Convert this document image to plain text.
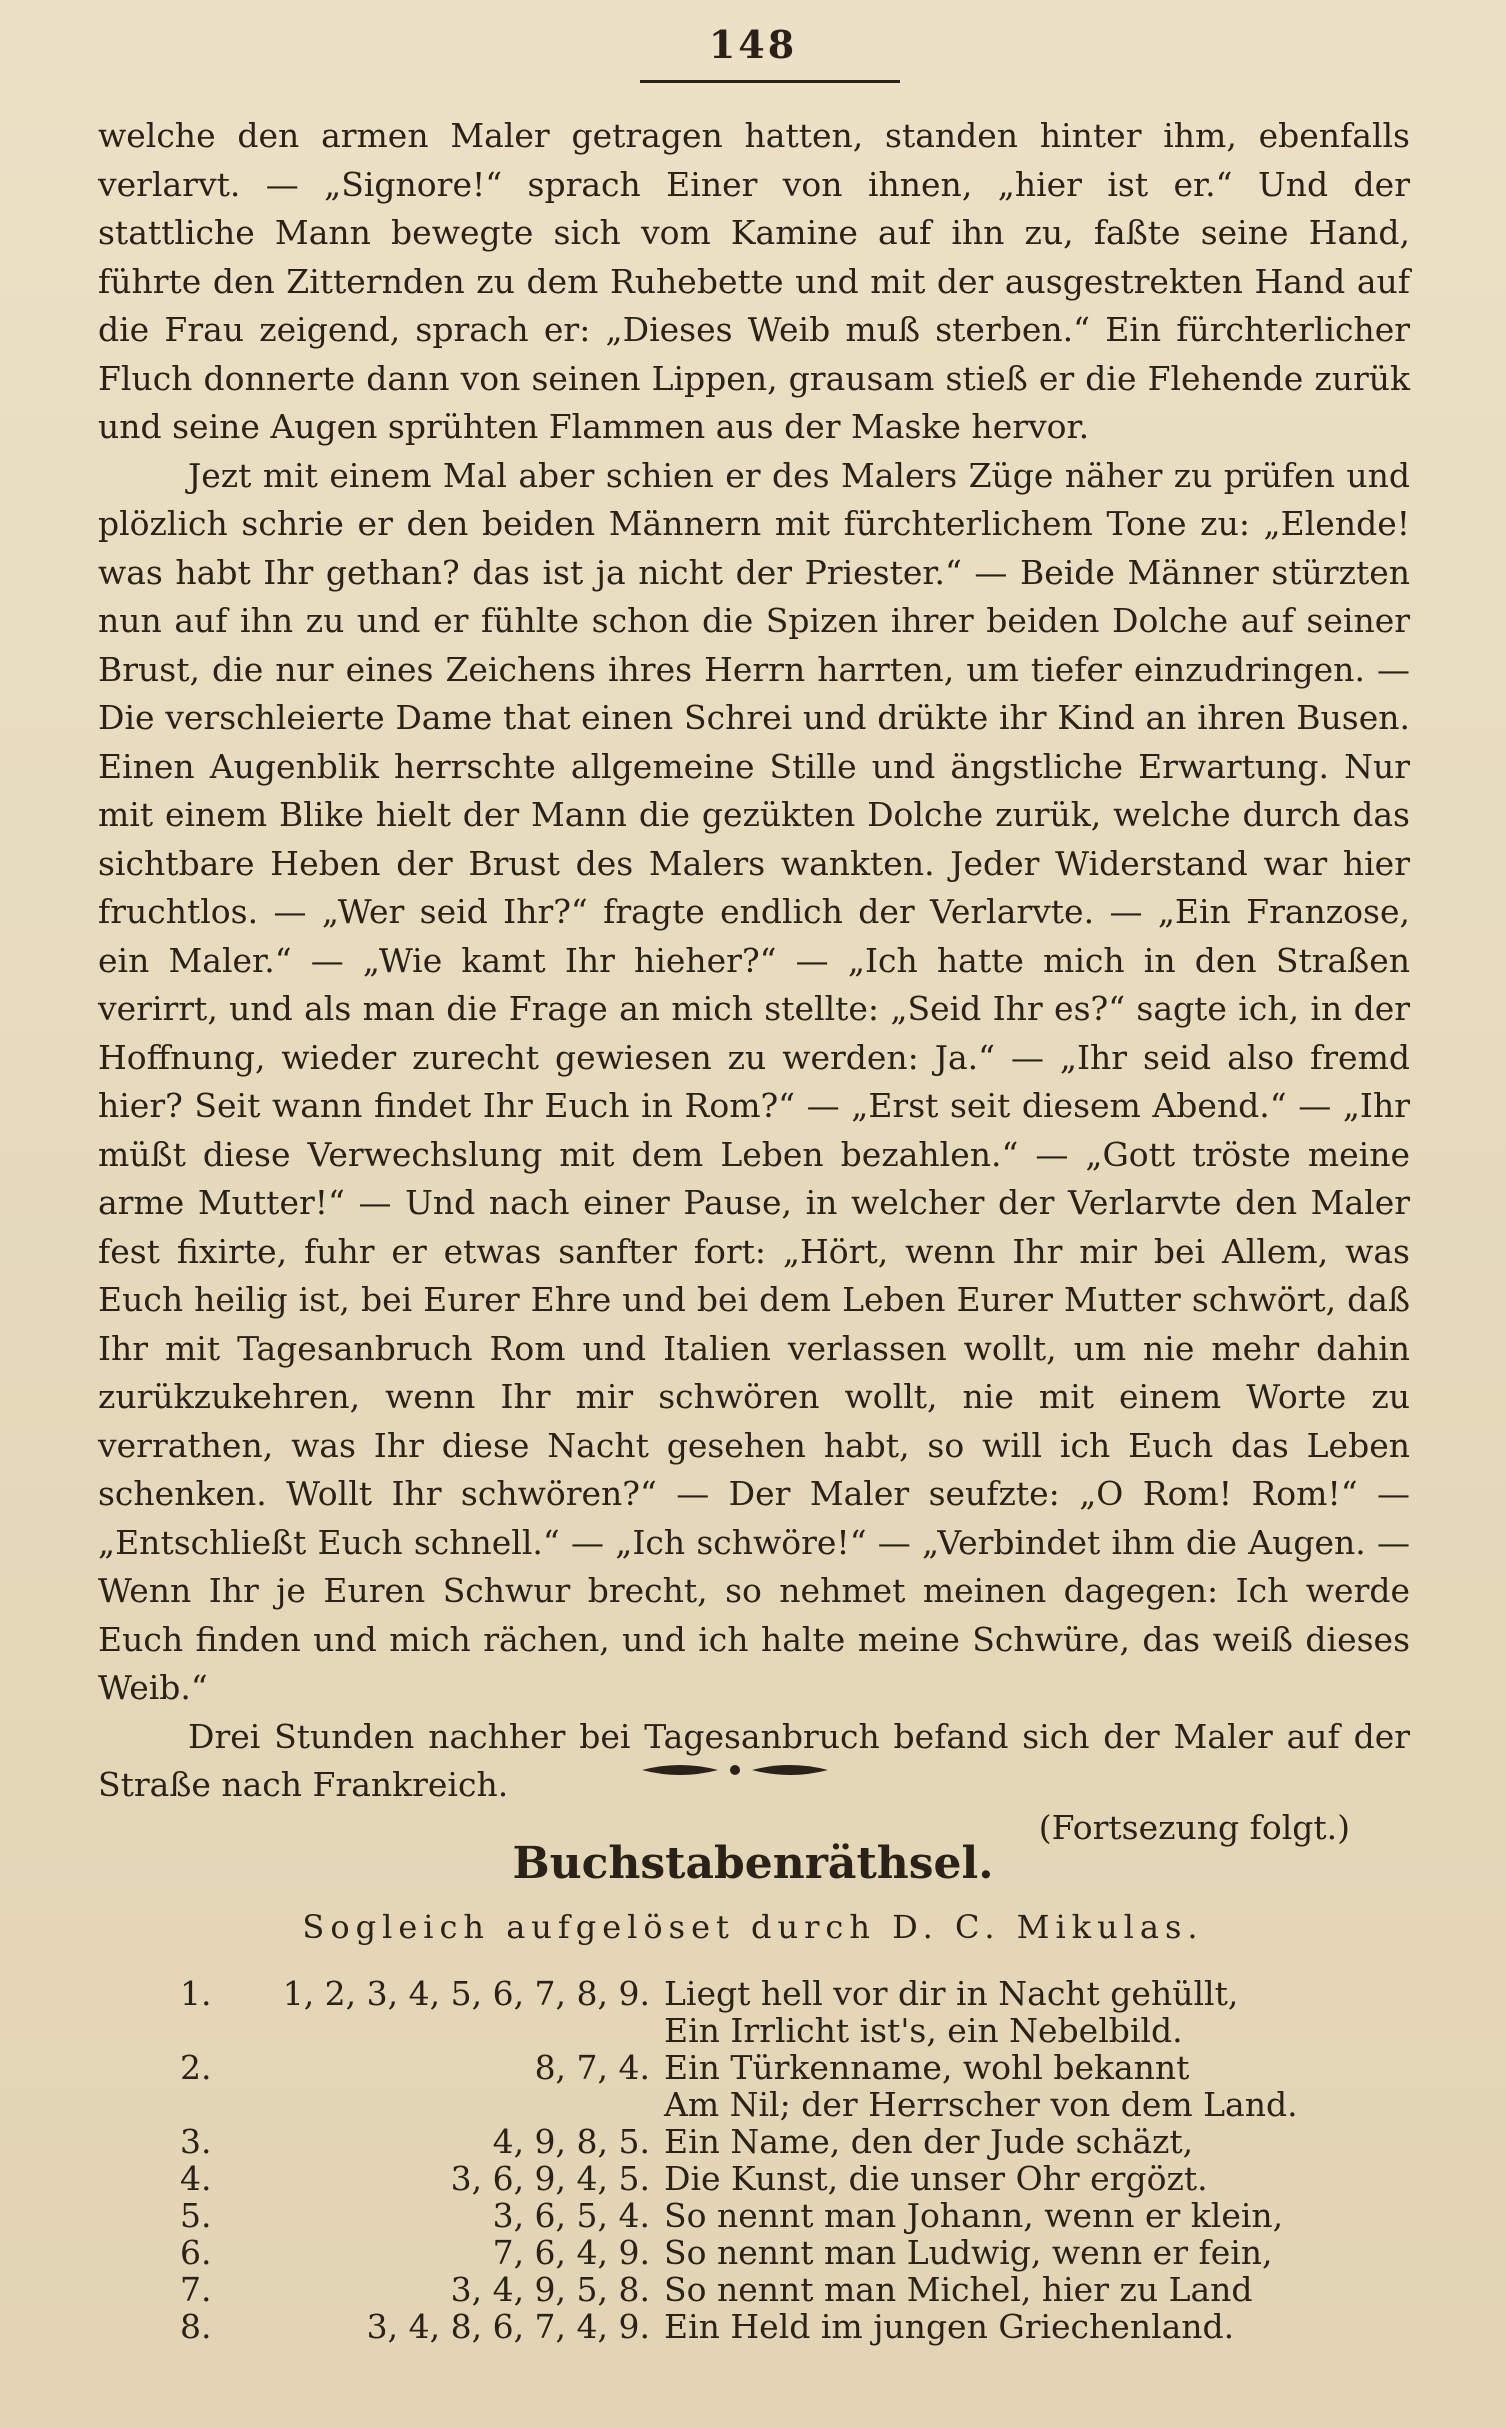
148

welche den armen Maler getragen hatten, standen hinter ihm, ebenfalls verlarvt. — „Signore!“ sprach Einer von ihnen, „hier ist er.“ Und der stattliche Mann bewegte sich vom Kamine auf ihn zu, faßte seine Hand, führte den Zitternden zu dem Ruhebette und mit der ausgestrekten Hand auf die Frau zeigend, sprach er: „Dieses Weib muß sterben.“ Ein fürchterlicher Fluch donnerte dann von seinen Lippen, grausam stieß er die Flehende zurük und seine Augen sprühten Flammen aus der Maske hervor.

Jezt mit einem Mal aber schien er des Malers Züge näher zu prüfen und plözlich schrie er den beiden Männern mit fürchterlichem Tone zu: „Elende! was habt Ihr gethan? das ist ja nicht der Priester.“ — Beide Männer stürzten nun auf ihn zu und er fühlte schon die Spizen ihrer beiden Dolche auf seiner Brust, die nur eines Zeichens ihres Herrn harrten, um tiefer einzudringen. — Die verschleierte Dame that einen Schrei und drükte ihr Kind an ihren Busen. Einen Augenblik herrschte allgemeine Stille und ängstliche Erwartung. Nur mit einem Blike hielt der Mann die gezükten Dolche zurük, welche durch das sichtbare Heben der Brust des Malers wankten. Jeder Widerstand war hier fruchtlos. — „Wer seid Ihr?“ fragte endlich der Verlarvte. — „Ein Franzose, ein Maler.“ — „Wie kamt Ihr hieher?“ — „Ich hatte mich in den Straßen verirrt, und als man die Frage an mich stellte: „Seid Ihr es?“ sagte ich, in der Hoffnung, wieder zurecht gewiesen zu werden: Ja.“ — „Ihr seid also fremd hier? Seit wann findet Ihr Euch in Rom?“ — „Erst seit diesem Abend.“ — „Ihr müßt diese Verwechslung mit dem Leben bezahlen.“ — „Gott tröste meine arme Mutter!“ — Und nach einer Pause, in welcher der Verlarvte den Maler fest fixirte, fuhr er etwas sanfter fort: „Hört, wenn Ihr mir bei Allem, was Euch heilig ist, bei Eurer Ehre und bei dem Leben Eurer Mutter schwört, daß Ihr mit Tagesanbruch Rom und Italien verlassen wollt, um nie mehr dahin zurükzukehren, wenn Ihr mir schwören wollt, nie mit einem Worte zu verrathen, was Ihr diese Nacht gesehen habt, so will ich Euch das Leben schenken. Wollt Ihr schwören?“ — Der Maler seufzte: „O Rom! Rom!“ — „Entschließt Euch schnell.“ — „Ich schwöre!“ — „Verbindet ihm die Augen. — Wenn Ihr je Euren Schwur brecht, so nehmet meinen dagegen: Ich werde Euch finden und mich rächen, und ich halte meine Schwüre, das weiß dieses Weib.“

Drei Stunden nachher bei Tagesanbruch befand sich der Maler auf der Straße nach Frankreich.
(Fortsezung folgt.)

Buchstabenräthsel.
Sogleich aufgelöset durch D. C. Mikulas.
1.	1, 2, 3, 4, 5, 6, 7, 8, 9. Liegt hell vor dir in Nacht gehüllt,
Ein Irrlicht ist's, ein Nebelbild.
2.	8, 7, 4. Ein Türkenname, wohl bekannt
Am Nil; der Herrscher von dem Land.
3.	4, 9, 8, 5. Ein Name, den der Jude schäzt,
4.	3, 6, 9, 4, 5. Die Kunst, die unser Ohr ergözt.
5.	3, 6, 5, 4. So nennt man Johann, wenn er klein,
6.	7, 6, 4, 9. So nennt man Ludwig, wenn er fein,
7.	3, 4, 9, 5, 8. So nennt man Michel, hier zu Land
8.	3, 4, 8, 6, 7, 4, 9. Ein Held im jungen Griechenland.
